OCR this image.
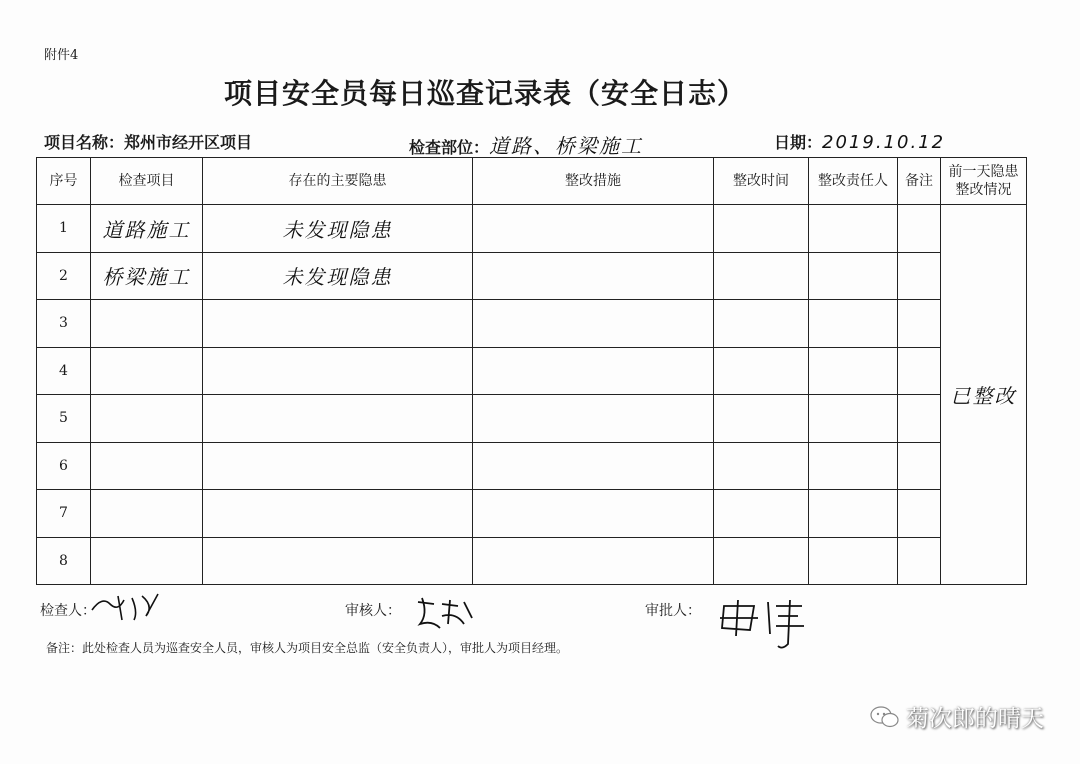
附件4
项目安全员每日巡查记录表（安全日志）
项目名称：郑州市经开区项目	检查部位：道路、桥梁施工	日期：2019.10.12
序号	检查项目	存在的主要隐患	整改措施	整改时间	整改责任人	备注	前一天隐患
整改情况
1	道路施工	未发现隐患					已整改
2	桥梁施工	未发现隐患					
3							
4							
5							
6							
7							
8							
检查人：	审核人：	审批人：
备注：此处检查人员为巡查安全人员，审核人为项目安全总监（安全负责人），审批人为项目经理。
菊次郎的晴天
